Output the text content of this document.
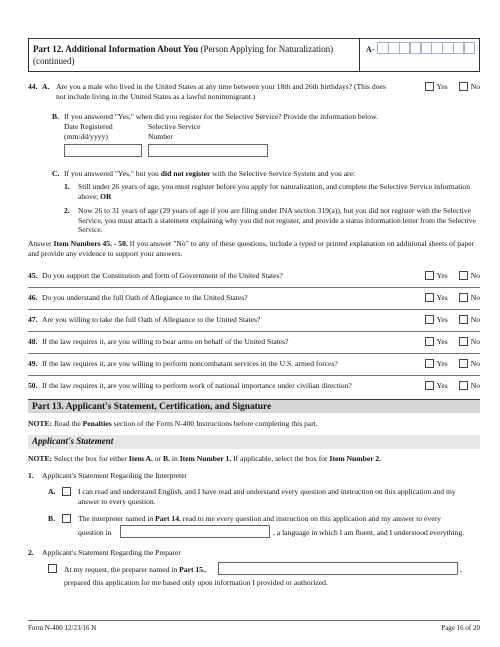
Part 12. Additional Information About You (Person Applying for Naturalization) (continued)
A-
44. A. Are you a male who lived in the United States at any time between your 18th and 26th birthdays? (This does not include living in the United States as a lawful nonimmigrant.)
Yes	No
B. If you answered "Yes," when did you register for the Selective Service? Provide the information below.
Date Registered (mm/dd/yyyy)
Selective Service Number
C. If you answered "Yes," but you did not register with the Selective Service System and you are:
1. Still under 26 years of age, you must register before you apply for naturalization, and complete the Selective Service information above; OR
2. Now 26 to 31 years of age (29 years of age if you are filing under INA section 319(a)), but you did not register with the Selective Service, you must attach a statement explaining why you did not register, and provide a status information letter from the Selective Service.
Answer Item Numbers 45. - 50. If you answer "No" to any of these questions, include a typed or printed explanation on additional sheets of paper and provide any evidence to support your answers.
45. Do you support the Constitution and form of Government of the United States?	Yes	No
46. Do you understand the full Oath of Allegiance to the United States?	Yes	No
47. Are you willing to take the full Oath of Allegiance to the United States?	Yes	No
48. If the law requires it, are you willing to bear arms on behalf of the United States?	Yes	No
49. If the law requires it, are you willing to perform noncombatant services in the U.S. armed forces?	Yes	No
50. If the law requires it, are you willing to perform work of national importance under civilian direction?	Yes	No
Part 13. Applicant's Statement, Certification, and Signature
NOTE: Read the Penalties section of the Form N-400 Instructions before completing this part.
Applicant's Statement
NOTE: Select the box for either Item A. or B. in Item Number 1. If applicable, select the box for Item Number 2.
1. Applicant's Statement Regarding the Interpreter
A.	I can read and understand English, and I have read and understand every question and instruction on this application and my answer to every question.
B.	The interpreter named in Part 14. read to me every question and instruction on this application and my answer to every
question in	, a language in which I am fluent, and I understood everything.
2. Applicant's Statement Regarding the Preparer
At my request, the preparer named in Part 15.,	,
prepared this application for me based only upon information I provided or authorized.
Form N-400 12/23/16 N	Page 16 of 20
